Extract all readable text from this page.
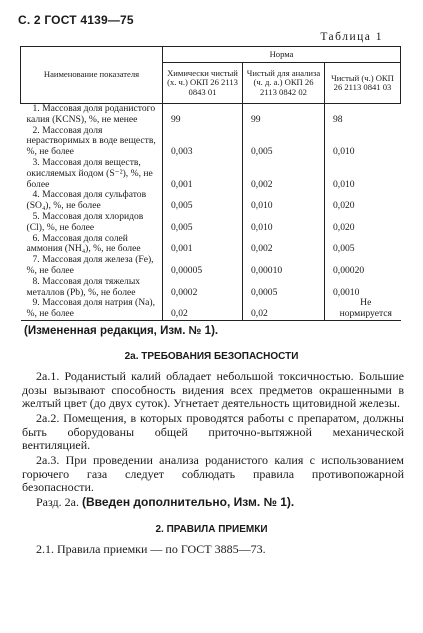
С. 2 ГОСТ 4139—75
Таблица 1
Наименование показателя	Норма		
	Химически чистый (х. ч.) ОКП 26 2113 0843 01	Чистый для анализа (ч. д. а.) ОКП 26 2113 0842 02	Чистый (ч.) ОКП 26 2113 0841 03
1. Массовая доля роданистого калия (KCNS), %, не менее	99	99	98
2. Массовая доля нерастворимых в воде веществ, %, не более	0,003	0,005	0,010
3. Массовая доля веществ, окисляемых йодом (S⁻²), %, не более	0,001	0,002	0,010
4. Массовая доля сульфатов (SO₄), %, не более	0,005	0,010	0,020
5. Массовая доля хлоридов (Cl), %, не более	0,005	0,010	0,020
6. Массовая доля солей аммония (NH₄), %, не более	0,001	0,002	0,005
7. Массовая доля железа (Fe), %, не более	0,00005	0,00010	0,00020
8. Массовая доля тяжелых металлов (Pb), %, не более	0,0002	0,0005	0,0010
9. Массовая доля натрия (Na), %, не более	0,02	0,02	Не нормируется
(Измененная редакция, Изм. № 1).
2а. ТРЕБОВАНИЯ БЕЗОПАСНОСТИ
2а.1. Роданистый калий обладает небольшой токсичностью. Большие дозы вызывают способность видения всех предметов окрашенными в желтый цвет (до двух суток). Угнетает деятельность щитовидной железы.
2а.2. Помещения, в которых проводятся работы с препаратом, должны быть оборудованы общей приточно-вытяжной механической вентиляцией.
2а.3. При проведении анализа роданистого калия с использованием горючего газа следует соблюдать правила противопожарной безопасности.
Разд. 2а. (Введен дополнительно, Изм. № 1).
2. ПРАВИЛА ПРИЕМКИ
2.1. Правила приемки — по ГОСТ 3885—73.
